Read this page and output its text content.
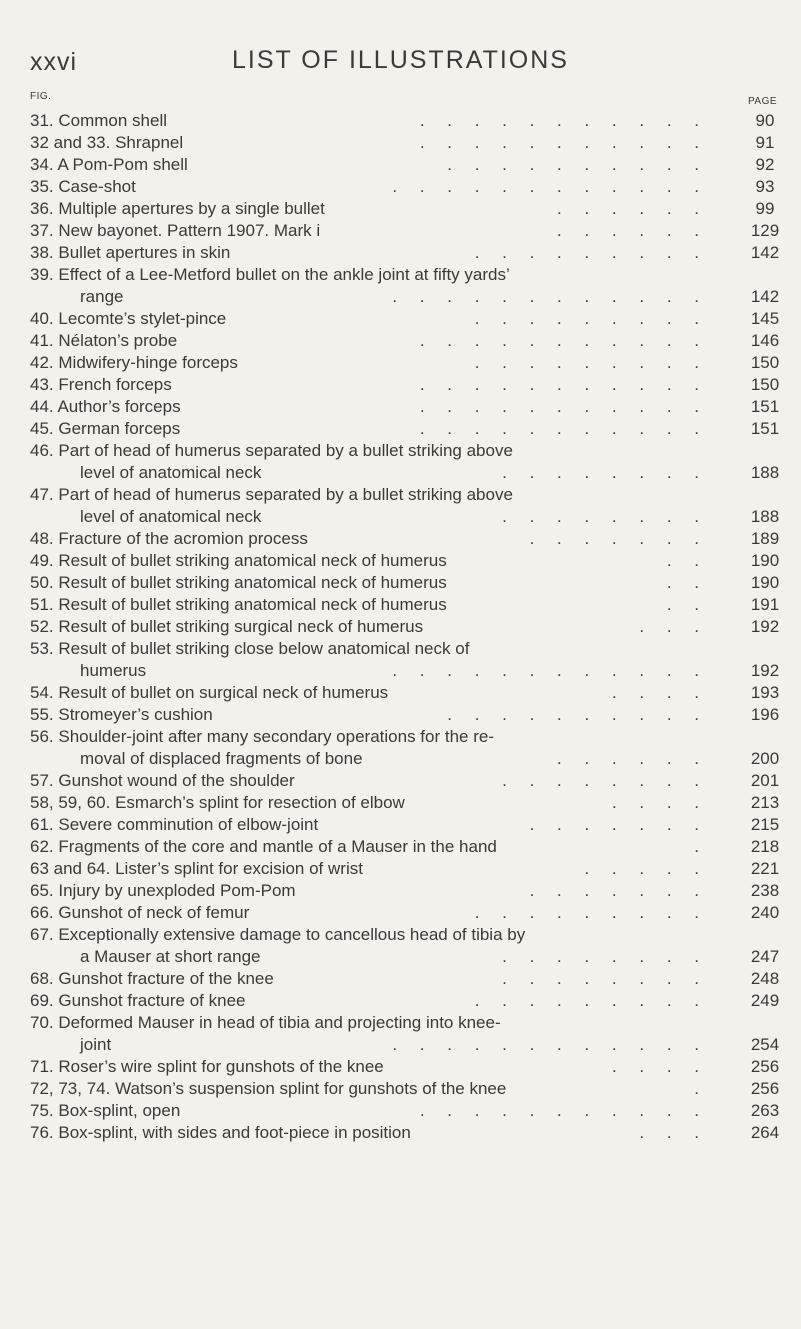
xxvi	LIST OF ILLUSTRATIONS
FIG.	PAGE
31. Common shell	. . . . . . . . . . .	90
32 and 33. Shrapnel	. . . . . . . . . . .	91
34. A Pom-Pom shell	. . . . . . . . . .	92
35. Case-shot	. . . . . . . . . . . .	93
36. Multiple apertures by a single bullet	. . . . . .	99
37. New bayonet. Pattern 1907. Mark i	. . . . . .	129
38. Bullet apertures in skin	. . . . . . . . .	142
39. Effect of a Lee-Metford bullet on the ankle joint at fifty yards’
range	. . . . . . . . . . . .	142
40. Lecomte’s stylet-pince	. . . . . . . . .	145
41. Nélaton’s probe	. . . . . . . . . . .	146
42. Midwifery-hinge forceps	. . . . . . . . .	150
43. French forceps	. . . . . . . . . . .	150
44. Author’s forceps	. . . . . . . . . . .	151
45. German forceps	. . . . . . . . . . .	151
46. Part of head of humerus separated by a bullet striking above
level of anatomical neck	. . . . . . . .	188
47. Part of head of humerus separated by a bullet striking above
level of anatomical neck	. . . . . . . .	188
48. Fracture of the acromion process	. . . . . . .	189
49. Result of bullet striking anatomical neck of humerus	. .	190
50. Result of bullet striking anatomical neck of humerus	. .	190
51. Result of bullet striking anatomical neck of humerus	. .	191
52. Result of bullet striking surgical neck of humerus	. . .	192
53. Result of bullet striking close below anatomical neck of
humerus	. . . . . . . . . . . .	192
54. Result of bullet on surgical neck of humerus	. . . .	193
55. Stromeyer’s cushion	. . . . . . . . . .	196
56. Shoulder-joint after many secondary operations for the re-
moval of displaced fragments of bone	. . . . . .	200
57. Gunshot wound of the shoulder	. . . . . . . .	201
58, 59, 60. Esmarch’s splint for resection of elbow	. . . .	213
61. Severe comminution of elbow-joint	. . . . . . .	215
62. Fragments of the core and mantle of a Mauser in the hand	.	218
63 and 64. Lister’s splint for excision of wrist	. . . . .	221
65. Injury by unexploded Pom-Pom	. . . . . . .	238
66. Gunshot of neck of femur	. . . . . . . . .	240
67. Exceptionally extensive damage to cancellous head of tibia by
a Mauser at short range	. . . . . . . .	247
68. Gunshot fracture of the knee	. . . . . . . .	248
69. Gunshot fracture of knee	. . . . . . . . .	249
70. Deformed Mauser in head of tibia and projecting into knee-
joint	. . . . . . . . . . . .	254
71. Roser’s wire splint for gunshots of the knee	. . . .	256
72, 73, 74. Watson’s suspension splint for gunshots of the knee	.	256
75. Box-splint, open	. . . . . . . . . . .	263
76. Box-splint, with sides and foot-piece in position	. . .	264
